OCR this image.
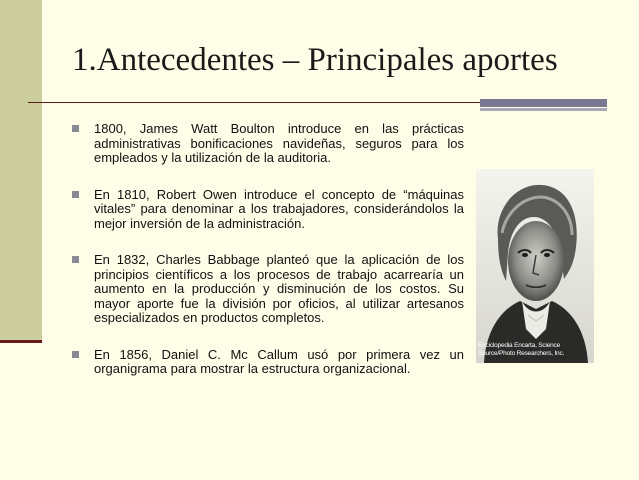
1.Antecedentes – Principales aportes
1800, James Watt Boulton introduce en las prácticas administrativas bonificaciones navideñas, seguros para los empleados y la utilización de la auditoria.
En 1810, Robert Owen introduce el concepto de “máquinas vitales” para denominar a los trabajadores, considerándolos la mejor inversión de la administración.
En 1832, Charles Babbage planteó que la aplicación de los principios científicos a los procesos de trabajo acarrearía un aumento en la producción y disminución de los costos. Su mayor aporte fue la división por oficios, al utilizar artesanos especializados en productos completos.
En 1856, Daniel C. Mc Callum usó por primera vez un organigrama para mostrar la estructura organizacional.
Enciclopedia Encarta, Science Source/Photo Researchers, Inc.
